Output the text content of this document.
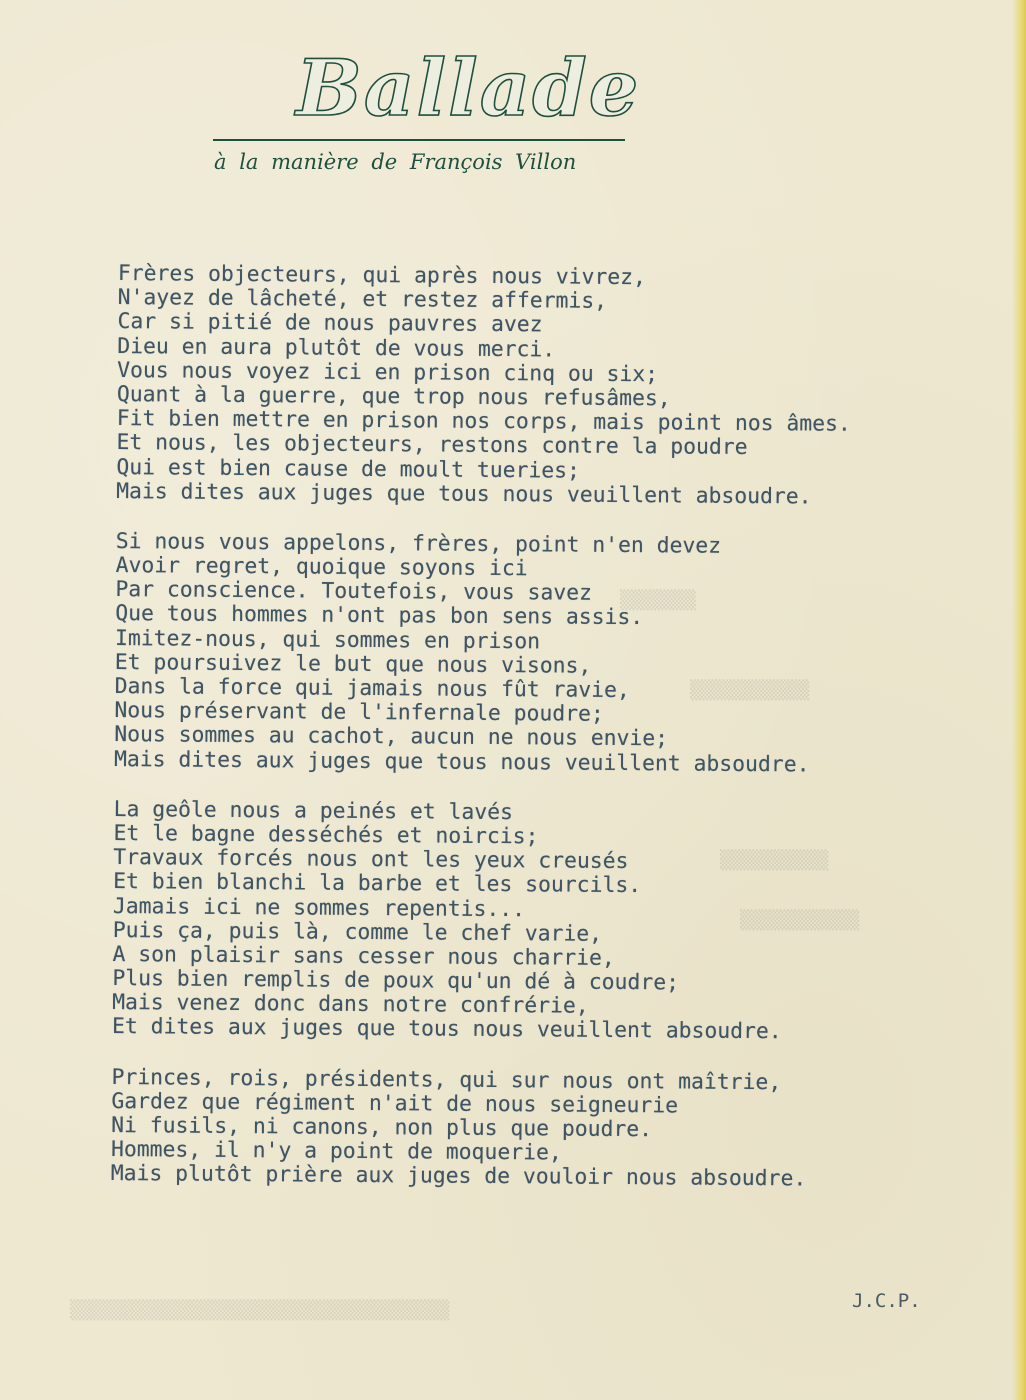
▒▒▒▒▒▒▒
▒▒▒▒▒▒▒▒▒▒▒
▒▒▒▒▒▒▒▒▒▒
▒▒▒▒▒▒▒▒▒▒▒
▒▒▒▒▒▒▒▒▒▒▒▒▒▒▒▒▒▒▒▒▒▒▒▒▒▒▒▒▒▒▒▒▒▒▒
Ballade
à la manière de François Villon
Frères objecteurs, qui après nous vivrez,
N'ayez de lâcheté, et restez affermis,
Car si pitié de nous pauvres avez
Dieu en aura plutôt de vous merci.
Vous nous voyez ici en prison cinq ou six;
Quant à la guerre, que trop nous refusâmes,
Fit bien mettre en prison nos corps, mais point nos âmes.
Et nous, les objecteurs, restons contre la poudre
Qui est bien cause de moult tueries;
Mais dites aux juges que tous nous veuillent absoudre.
Si nous vous appelons, frères, point n'en devez
Avoir regret, quoique soyons ici
Par conscience. Toutefois, vous savez
Que tous hommes n'ont pas bon sens assis.
Imitez-nous, qui sommes en prison
Et poursuivez le but que nous visons,
Dans la force qui jamais nous fût ravie,
Nous préservant de l'infernale poudre;
Nous sommes au cachot, aucun ne nous envie;
Mais dites aux juges que tous nous veuillent absoudre.
La geôle nous a peinés et lavés
Et le bagne desséchés et noircis;
Travaux forcés nous ont les yeux creusés
Et bien blanchi la barbe et les sourcils.
Jamais ici ne sommes repentis...
Puis ça, puis là, comme le chef varie,
A son plaisir sans cesser nous charrie,
Plus bien remplis de poux qu'un dé à coudre;
Mais venez donc dans notre confrérie,
Et dites aux juges que tous nous veuillent absoudre.
Princes, rois, présidents, qui sur nous ont maîtrie,
Gardez que régiment n'ait de nous seigneurie
Ni fusils, ni canons, non plus que poudre.
Hommes, il n'y a point de moquerie,
Mais plutôt prière aux juges de vouloir nous absoudre.
J.C.P.
